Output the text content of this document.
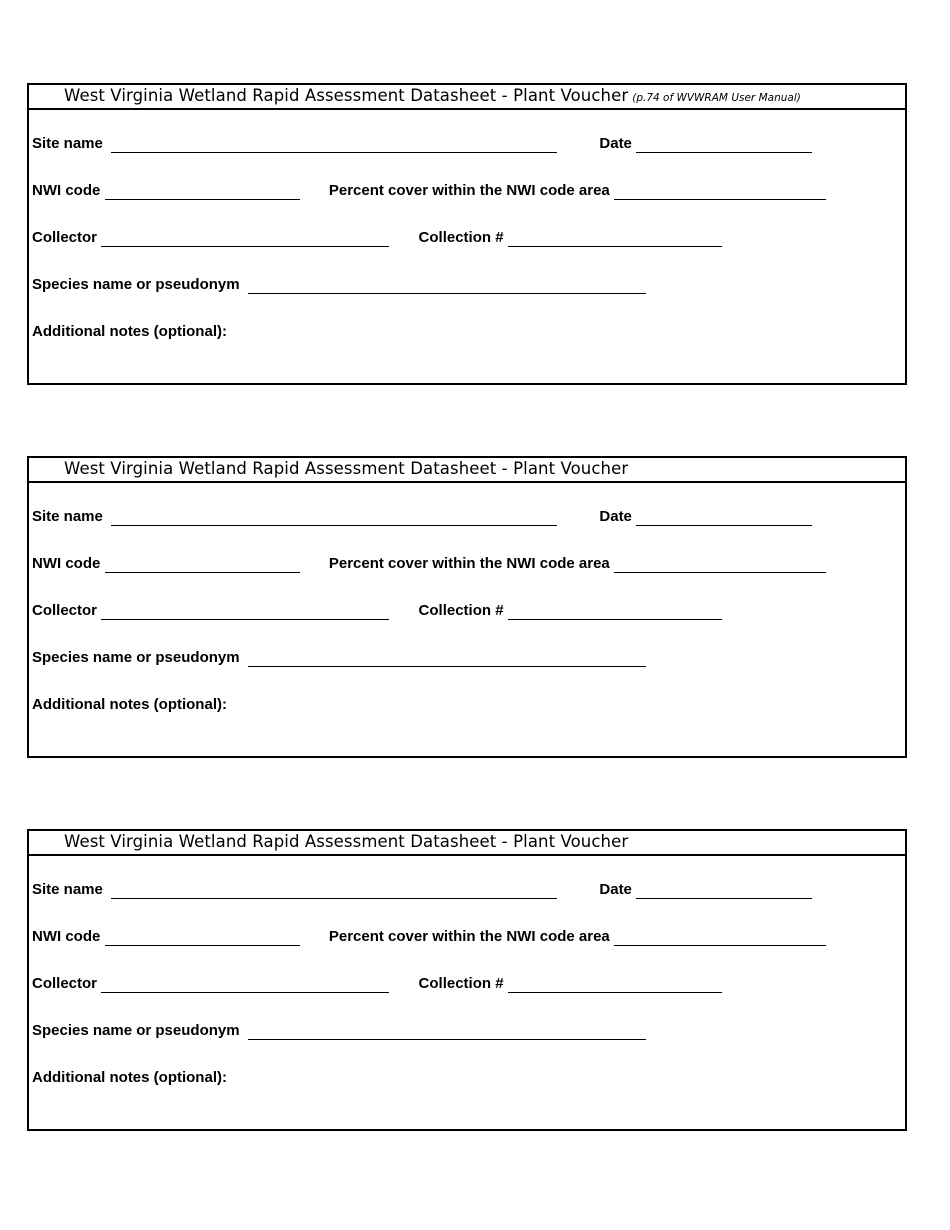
West Virginia Wetland Rapid Assessment Datasheet - Plant Voucher (p.74 of WVWRAM User Manual)
Site name	Date
NWI code	Percent cover within the NWI code area
Collector	Collection #
Species name or pseudonym
Additional notes (optional):
West Virginia Wetland Rapid Assessment Datasheet - Plant Voucher
Site name	Date
NWI code	Percent cover within the NWI code area
Collector	Collection #
Species name or pseudonym
Additional notes (optional):
West Virginia Wetland Rapid Assessment Datasheet - Plant Voucher
Site name	Date
NWI code	Percent cover within the NWI code area
Collector	Collection #
Species name or pseudonym
Additional notes (optional):
